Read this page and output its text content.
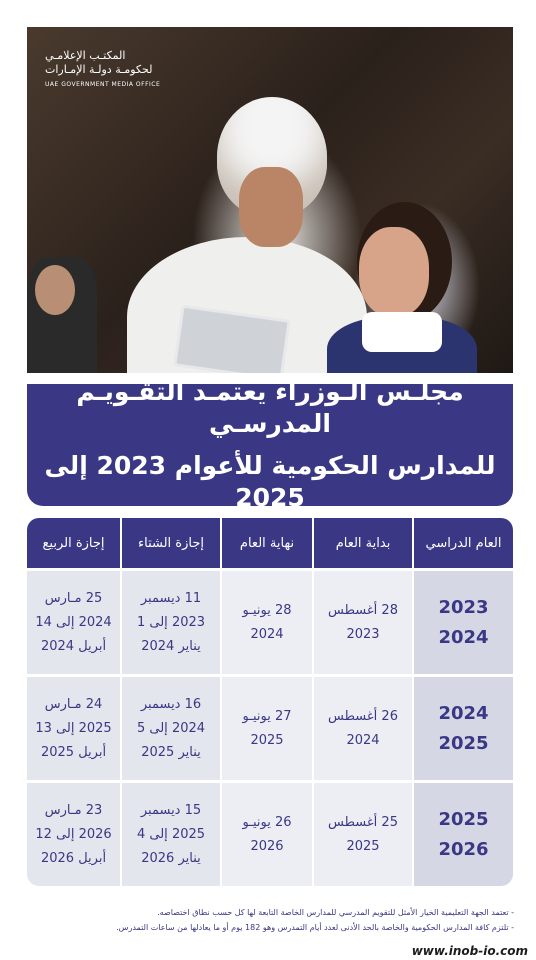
المكتـب الإعلامـي
لحكومـة دولـة الإمـارات
UAE GOVERNMENT MEDIA OFFICE
مجلـس الـوزراء يعتمـد التقـويـم المدرسـي
للمدارس الحكومية للأعوام 2023 إلى 2025
العام الدراسي
بداية العام
نهاية العام
إجازة الشتاء
إجازة الربيع
2023
2024
28 أغسطس
2023
28 يونيـو
2024
11 ديسمبر
2023 إلى 1
يناير 2024
25 مـارس
2024 إلى 14
أبريل 2024
2024
2025
26 أغسطس
2024
27 يونيـو
2025
16 ديسمبر
2024 إلى 5
يناير 2025
24 مـارس
2025 إلى 13
أبريل 2025
2025
2026
25 أغسطس
2025
26 يونيـو
2026
15 ديسمبر
2025 إلى 4
يناير 2026
23 مـارس
2026 إلى 12
أبريل 2026
- تعتمد الجهة التعليمية الخيار الأمثل للتقويم المدرسي للمدارس الخاصة التابعة لها كل حسب نطاق اختصاصه.
- تلتزم كافة المدارس الحكومية والخاصة بالحد الأدنى لعدد أيام التمدرس وهو 182 يوم أو ما يعادلها من ساعات التمدرس.
www.inob-io.com
